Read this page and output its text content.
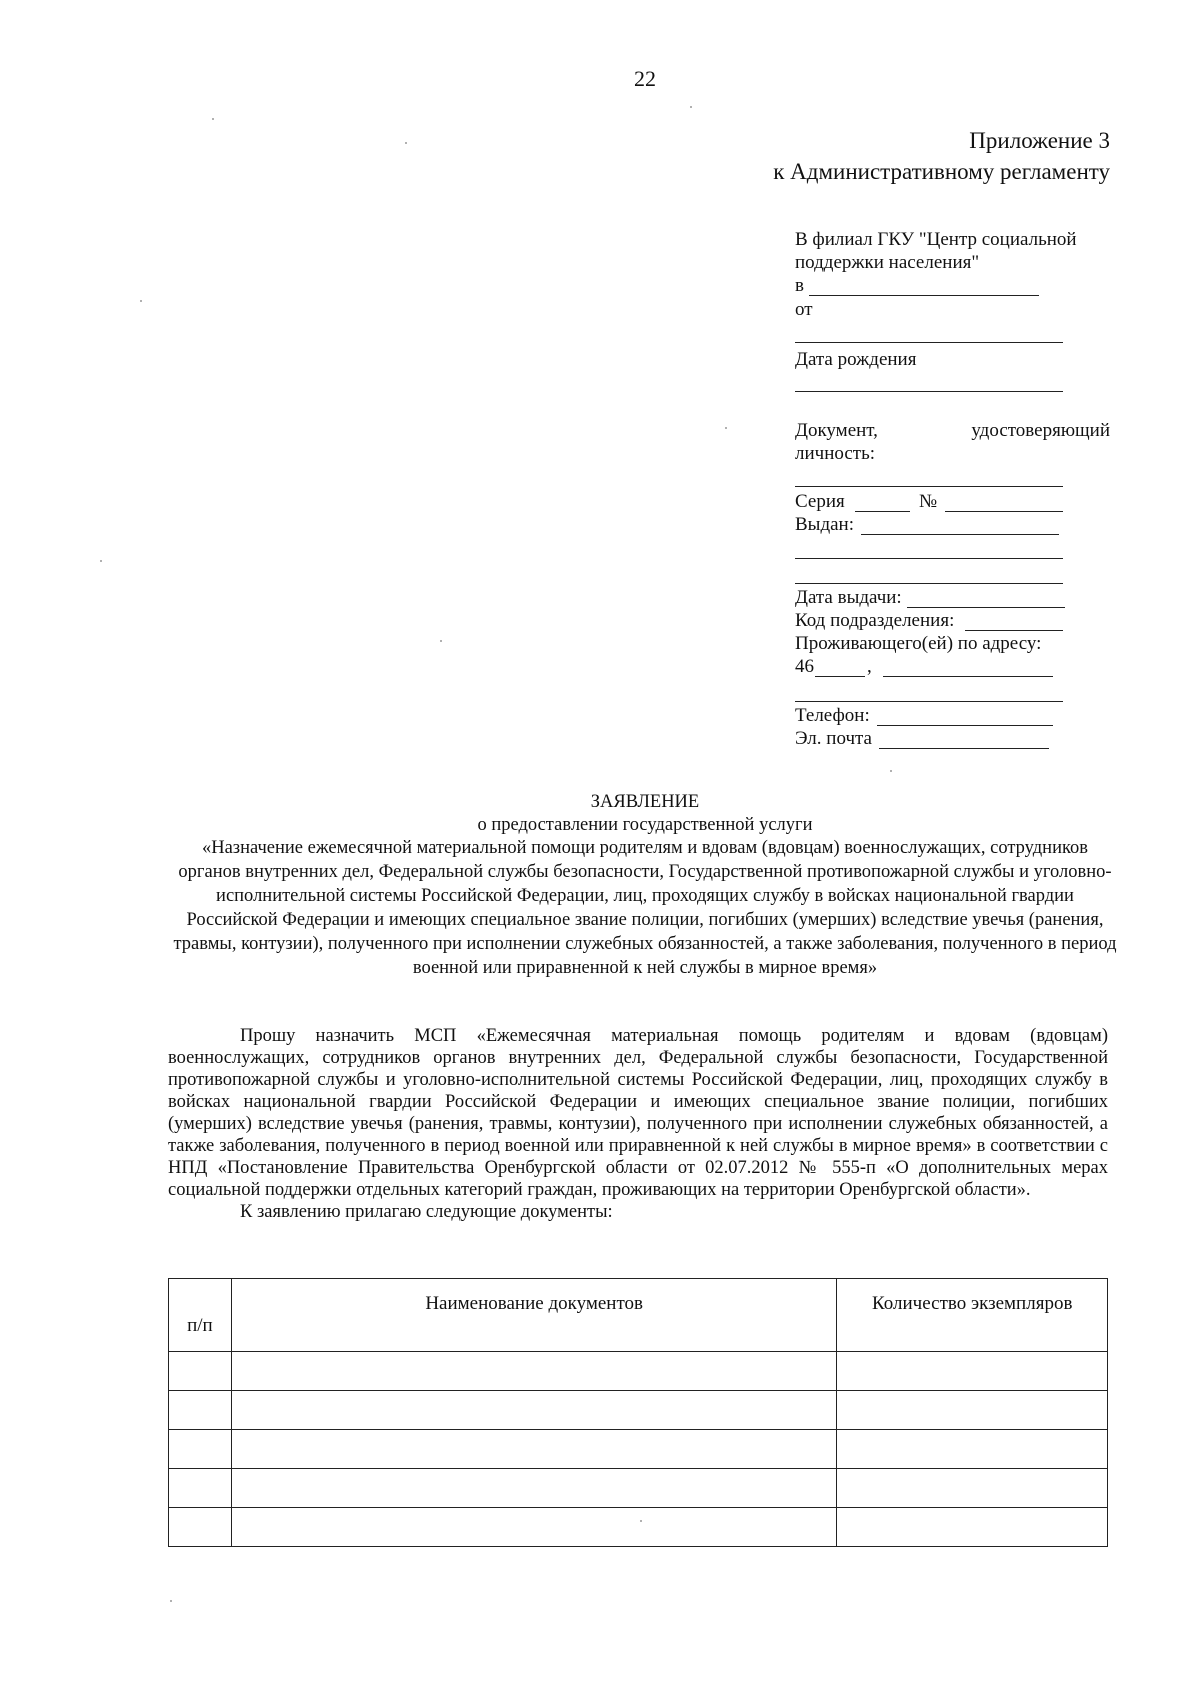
22
Приложение 3
к Административному регламенту
В филиал ГКУ "Центр социальной
поддержки населения"
в
от
Дата рождения
Документ,	удостоверяющий
личность:
Серия	№
Выдан:
Дата выдачи:
Код подразделения:
Проживающего(ей) по адресу:
46	,
Телефон:
Эл. почта
ЗАЯВЛЕНИЕ
о предоставлении государственной услуги
«Назначение ежемесячной материальной помощи родителям и вдовам (вдовцам) военнослужащих, сотрудников органов внутренних дел, Федеральной службы безопасности, Государственной противопожарной службы и уголовно-исполнительной системы Российской Федерации, лиц, проходящих службу в войсках национальной гвардии Российской Федерации и имеющих специальное звание полиции, погибших (умерших) вследствие увечья (ранения, травмы, контузии), полученного при исполнении служебных обязанностей, а также заболевания, полученного в период военной или приравненной к ней службы в мирное время»

Прошу назначить МСП «Ежемесячная материальная помощь родителям и вдовам (вдовцам) военнослужащих, сотрудников органов внутренних дел, Федеральной службы безопасности, Государственной противопожарной службы и уголовно-исполнительной системы Российской Федерации, лиц, проходящих службу в войсках национальной гвардии Российской Федерации и имеющих специальное звание полиции, погибших (умерших) вследствие увечья (ранения, травмы, контузии), полученного при исполнении служебных обязанностей, а также заболевания, полученного в период военной или приравненной к ней службы в мирное время» в соответствии с НПД «Постановление Правительства Оренбургской области от 02.07.2012 № 555-п «О дополнительных мерах социальной поддержки отдельных категорий граждан, проживающих на территории Оренбургской области».

К заявлению прилагаю следующие документы:

п/п	Наименование документов	Количество экземпляров
